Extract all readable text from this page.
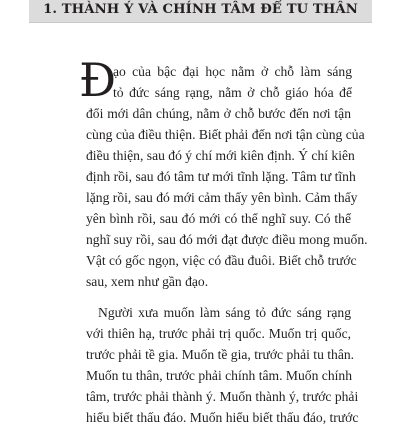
1. THÀNH Ý VÀ CHÍNH TÂM ĐỂ TU THÂN
Đ
ạo của bậc đại học nằm ở chỗ làm sáng
tỏ đức sáng rạng, nằm ở chỗ giáo hóa để
đổi mới dân chúng, nằm ở chỗ bước đến nơi tận
cùng của điều thiện. Biết phải đến nơi tận cùng của
điều thiện, sau đó ý chí mới kiên định. Ý chí kiên
định rồi, sau đó tâm tư mới tĩnh lặng. Tâm tư tĩnh
lặng rồi, sau đó mới cảm thấy yên bình. Cảm thấy
yên bình rồi, sau đó mới có thể nghĩ suy. Có thể
nghĩ suy rồi, sau đó mới đạt được điều mong muốn.
Vật có gốc ngọn, việc có đầu đuôi. Biết chỗ trước
sau, xem như gần đạo.
Người xưa muốn làm sáng tỏ đức sáng rạng
với thiên hạ, trước phải trị quốc. Muốn trị quốc,
trước phải tề gia. Muốn tề gia, trước phải tu thân.
Muốn tu thân, trước phải chính tâm. Muốn chính
tâm, trước phải thành ý. Muốn thành ý, trước phải
hiểu biết thấu đáo. Muốn hiểu biết thấu đáo, trước
